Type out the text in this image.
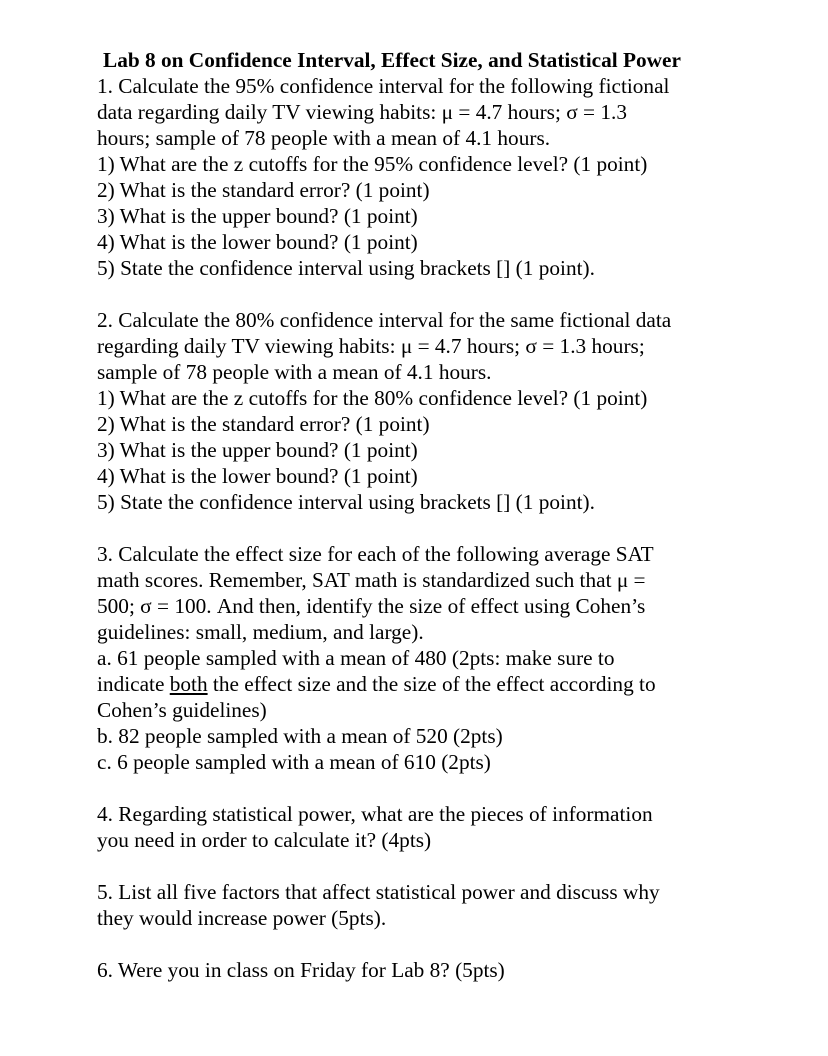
Lab 8 on Confidence Interval, Effect Size, and Statistical Power

1. Calculate the 95% confidence interval for the following fictional

data regarding daily TV viewing habits: μ = 4.7 hours; σ = 1.3

hours; sample of 78 people with a mean of 4.1 hours.

1) What are the z cutoffs for the 95% confidence level? (1 point)

2) What is the standard error? (1 point)

3) What is the upper bound? (1 point)

4) What is the lower bound? (1 point)

5) State the confidence interval using brackets [] (1 point).

2. Calculate the 80% confidence interval for the same fictional data

regarding daily TV viewing habits: μ = 4.7 hours; σ = 1.3 hours;

sample of 78 people with a mean of 4.1 hours.

1) What are the z cutoffs for the 80% confidence level? (1 point)

2) What is the standard error? (1 point)

3) What is the upper bound? (1 point)

4) What is the lower bound? (1 point)

5) State the confidence interval using brackets [] (1 point).

3. Calculate the effect size for each of the following average SAT

math scores. Remember, SAT math is standardized such that μ =

500; σ = 100. And then, identify the size of effect using Cohen’s

guidelines: small, medium, and large).

a. 61 people sampled with a mean of 480 (2pts: make sure to

indicate both the effect size and the size of the effect according to

Cohen’s guidelines)

b. 82 people sampled with a mean of 520 (2pts)

c. 6 people sampled with a mean of 610 (2pts)

4. Regarding statistical power, what are the pieces of information

you need in order to calculate it? (4pts)

5. List all five factors that affect statistical power and discuss why

they would increase power (5pts).

6. Were you in class on Friday for Lab 8? (5pts)
